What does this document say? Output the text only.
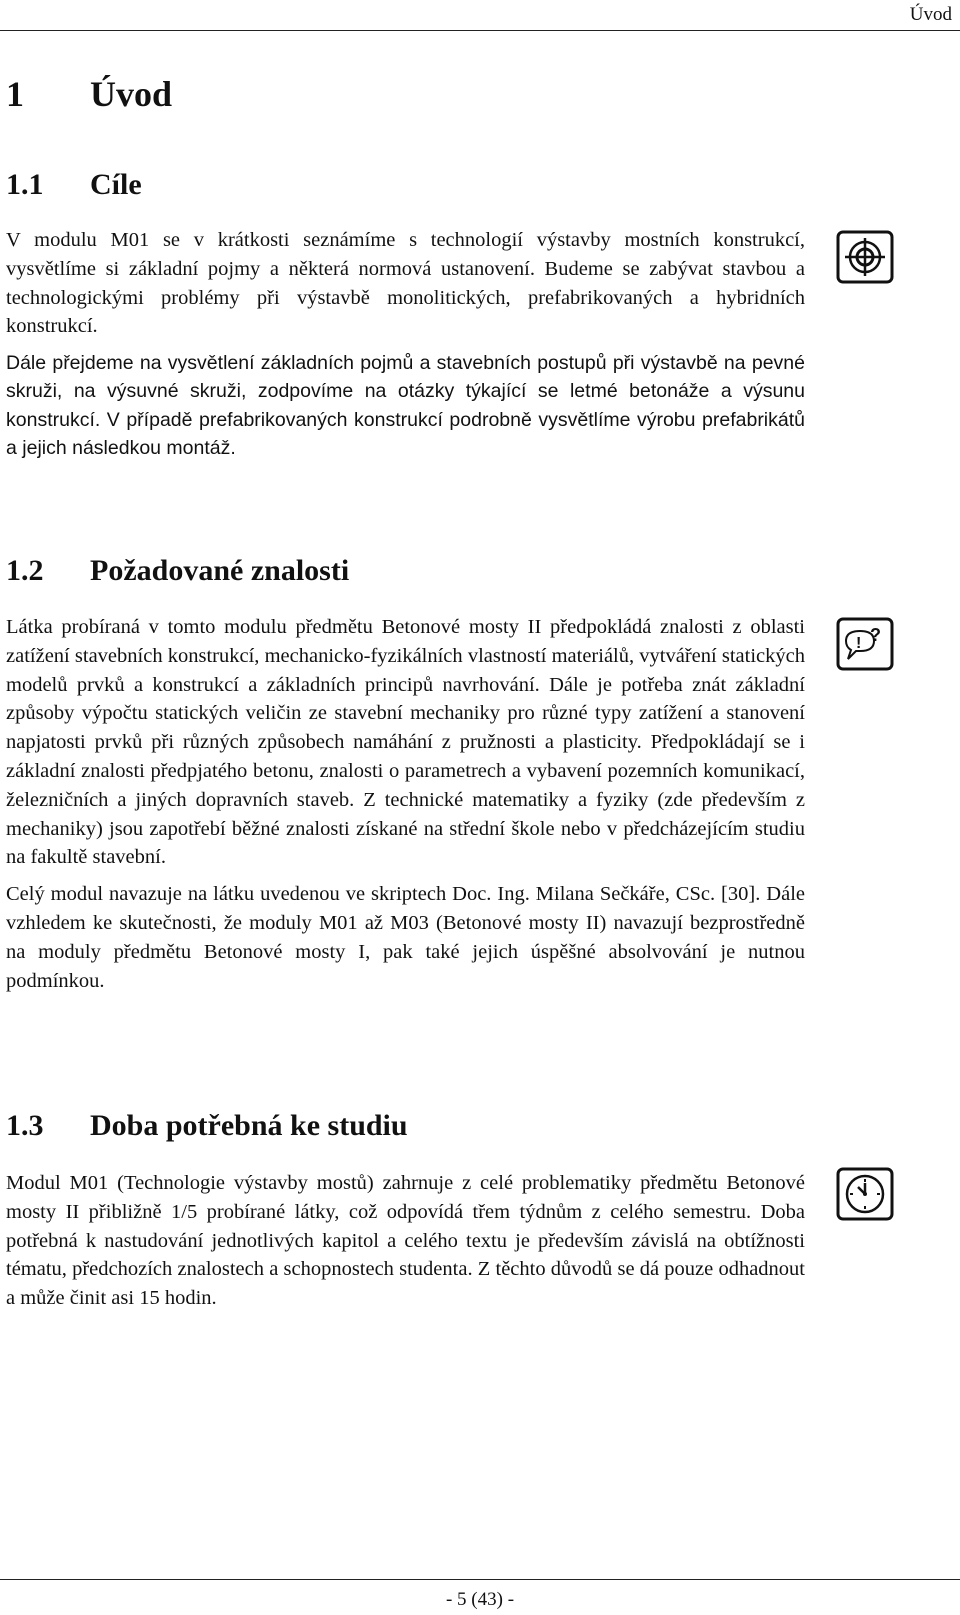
Úvod
1 Úvod
1.1 Cíle

V modulu M01 se v krátkosti seznámíme s technologií výstavby mostních konstrukcí, vysvětlíme si základní pojmy a některá normová ustanovení. Budeme se zabývat stavbou a technologickými problémy při výstavbě monolitických, prefabrikovaných a hybridních konstrukcí.

Dále přejdeme na vysvětlení základních pojmů a stavebních postupů při výstavbě na pevné skruži, na výsuvné skruži, zodpovíme na otázky týkající se letmé betonáže a výsunu konstrukcí. V případě prefabrikovaných konstrukcí podrobně vysvětlíme výrobu prefabrikátů a jejich následkou montáž.

1.2 Požadované znalosti

Látka probíraná v tomto modulu předmětu Betonové mosty II předpokládá znalosti z oblasti zatížení stavebních konstrukcí, mechanicko-fyzikálních vlastností materiálů, vytváření statických modelů prvků a konstrukcí a základních principů navrhování. Dále je potřeba znát základní způsoby výpočtu statických veličin ze stavební mechaniky pro různé typy zatížení a stanovení napjatosti prvků při různých způsobech namáhání z pružnosti a plasticity. Předpokládají se i základní znalosti předpjatého betonu, znalosti o parametrech a vybavení pozemních komunikací, železničních a jiných dopravních staveb. Z technické matematiky a fyziky (zde především z mechaniky) jsou zapotřebí běžné znalosti získané na střední škole nebo v předcházejícím studiu na fakultě stavební.

Celý modul navazuje na látku uvedenou ve skriptech Doc. Ing. Milana Sečkáře, CSc. [30]. Dále vzhledem ke skutečnosti, že moduly M01 až M03 (Betonové mosty II) navazují bezprostředně na moduly předmětu Betonové mosty I, pak také jejich úspěšné absolvování je nutnou podmínkou.

! ?
1.3 Doba potřebná ke studiu

Modul M01 (Technologie výstavby mostů) zahrnuje z celé problematiky předmětu Betonové mosty II přibližně 1/5 probírané látky, což odpovídá třem týdnům z celého semestru. Doba potřebná k nastudování jednotlivých kapitol a celého textu je především závislá na obtížnosti tématu, předchozích znalostech a schopnostech studenta. Z těchto důvodů se dá pouze odhadnout a může činit asi 15 hodin.

- 5 (43) -
